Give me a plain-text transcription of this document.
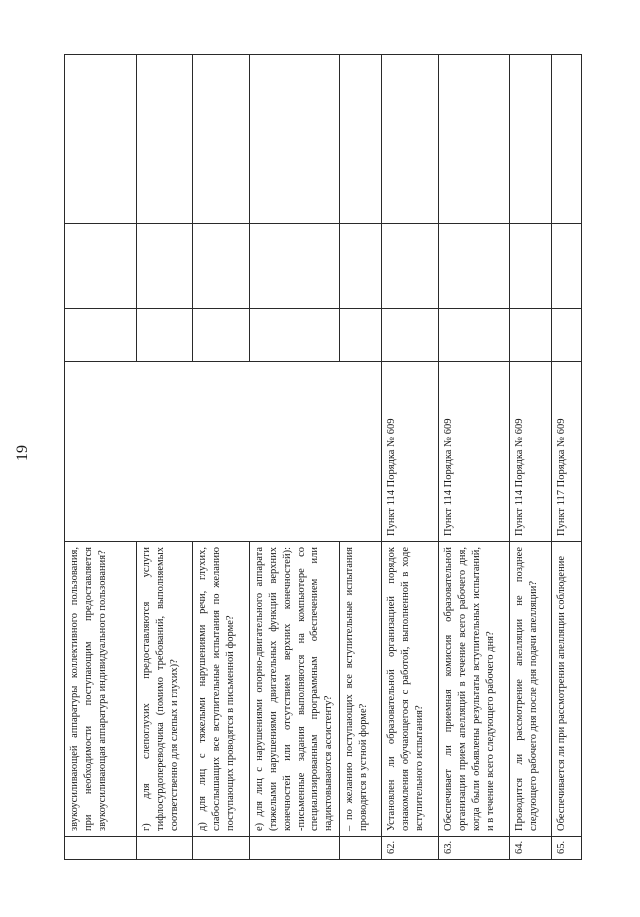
19
	звукоусиливающей аппаратуры коллективного пользования, при необходимости поступающим предоставляется звукоусиливающая аппаратура индивидуального пользования?				
	г) для слепоглухих предоставляются услуги тифлосурдопереводчика (помимо требований, выполняемых соответственно для слепых и глухих)?				
	д) для лиц с тяжелыми нарушениями речи, глухих, слабослышащих все вступительные испытания по желанию поступающих проводятся в письменной форме?				
	е) для лиц с нарушениями опорно-двигательного аппарата (тяжелыми нарушениями двигательных функций верхних конечностей или отсутствием верхних конечностей): -письменные задания выполняются на компьютере со специализированным программным обеспечением или надиктовываются ассистенту?				
	– по желанию поступающих все вступительные испытания проводятся в устной форме?				
62.	Установлен ли образовательной организацией порядок ознакомления обучающегося с работой, выполненной в ходе вступительного испытания?	Пункт 114 Порядка № 609			
63.	Обеспечивает ли приемная комиссия образовательной организации прием апелляций в течение всего рабочего дня, когда были объявлены результаты вступительных испытаний, и в течение всего следующего рабочего дня?	Пункт 114 Порядка № 609			
64.	Проводится ли рассмотрение апелляции не позднее следующего рабочего дня после дня подачи апелляции?	Пункт 114 Порядка № 609			
65.	Обеспечивается ли при рассмотрении апелляции соблюдение	Пункт 117 Порядка № 609			
